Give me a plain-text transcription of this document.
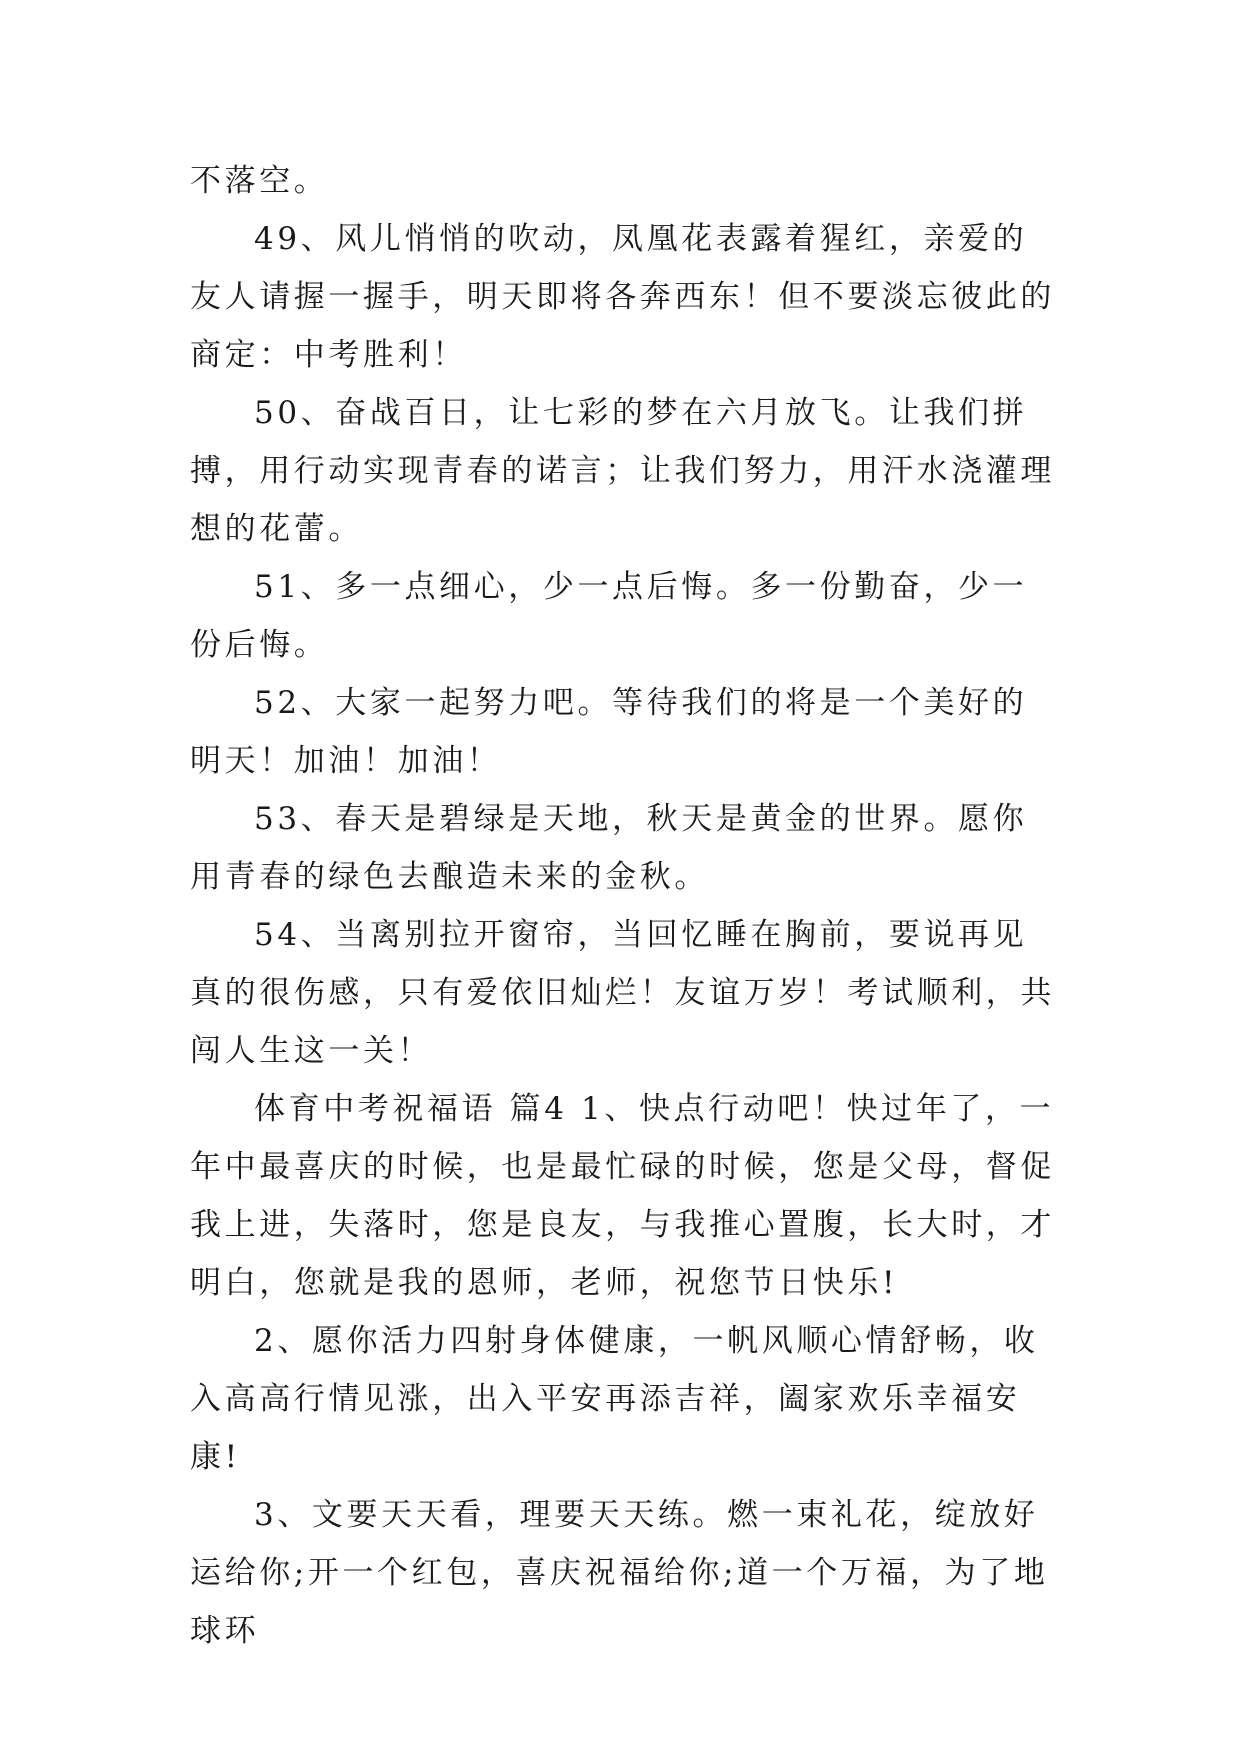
不落空。

49、风儿悄悄的吹动，凤凰花表露着猩红，亲爱的友人请握一握手，明天即将各奔西东！但不要淡忘彼此的商定：中考胜利！

50、奋战百日，让七彩的梦在六月放飞。让我们拼搏，用行动实现青春的诺言；让我们努力，用汗水浇灌理想的花蕾。

51、多一点细心，少一点后悔。多一份勤奋，少一份后悔。

52、大家一起努力吧。等待我们的将是一个美好的明天！加油！加油！

53、春天是碧绿是天地，秋天是黄金的世界。愿你用青春的绿色去酿造未来的金秋。

54、当离别拉开窗帘，当回忆睡在胸前，要说再见真的很伤感，只有爱依旧灿烂！友谊万岁！考试顺利，共闯人生这一关！

体育中考祝福语 篇4 1、快点行动吧！快过年了，一年中最喜庆的时候，也是最忙碌的时候，您是父母，督促我上进，失落时，您是良友，与我推心置腹，长大时，才明白，您就是我的恩师，老师，祝您节日快乐!

2、愿你活力四射身体健康，一帆风顺心情舒畅，收入高高行情见涨，出入平安再添吉祥，阖家欢乐幸福安康!

3、文要天天看，理要天天练。燃一束礼花，绽放好运给你;开一个红包，喜庆祝福给你;道一个万福，为了地球环
